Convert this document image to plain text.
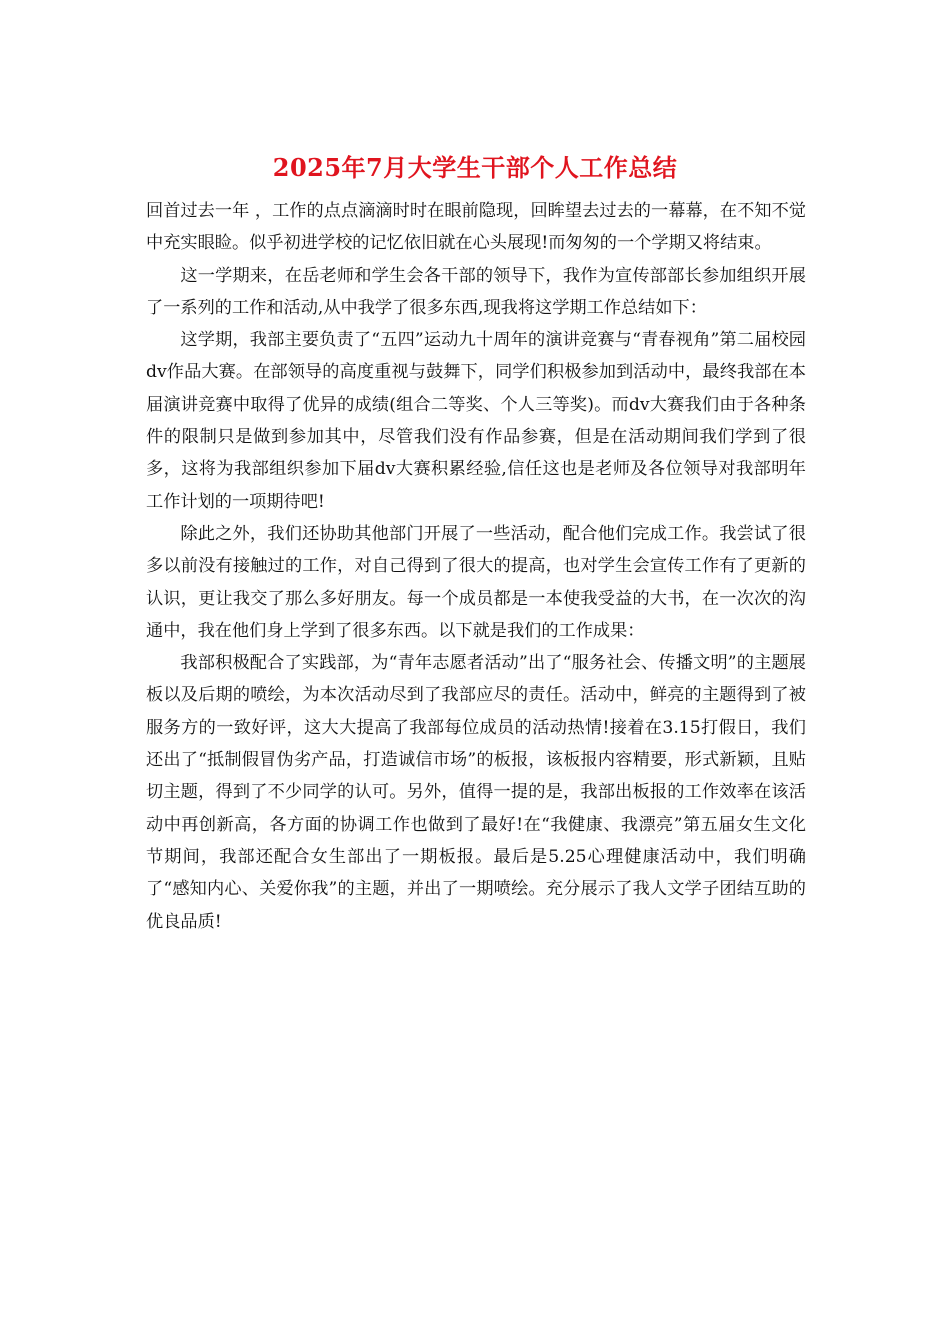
2025年7月大学生干部个人工作总结

回首过去一年 ，工作的点点滴滴时时在眼前隐现，回眸望去过去的一幕幕，在不知不觉中充实眼睑。似乎初进学校的记忆依旧就在心头展现!而匆匆的一个学期又将结束。

这一学期来，在岳老师和学生会各干部的领导下，我作为宣传部部长参加组织开展了一系列的工作和活动,从中我学了很多东西,现我将这学期工作总结如下：

这学期，我部主要负责了“五四”运动九十周年的演讲竞赛与“青春视角”第二届校园dv作品大赛。在部领导的高度重视与鼓舞下，同学们积极参加到活动中，最终我部在本届演讲竞赛中取得了优异的成绩(组合二等奖、个人三等奖)。而dv大赛我们由于各种条件的限制只是做到参加其中，尽管我们没有作品参赛，但是在活动期间我们学到了很多，这将为我部组织参加下届dv大赛积累经验,信任这也是老师及各位领导对我部明年工作计划的一项期待吧!

除此之外，我们还协助其他部门开展了一些活动，配合他们完成工作。我尝试了很多以前没有接触过的工作，对自己得到了很大的提高，也对学生会宣传工作有了更新的认识，更让我交了那么多好朋友。每一个成员都是一本使我受益的大书，在一次次的沟通中，我在他们身上学到了很多东西。以下就是我们的工作成果：

我部积极配合了实践部，为“青年志愿者活动”出了“服务社会、传播文明”的主题展板以及后期的喷绘，为本次活动尽到了我部应尽的责任。活动中，鲜亮的主题得到了被服务方的一致好评，这大大提高了我部每位成员的活动热情!接着在3.15打假日，我们还出了“抵制假冒伪劣产品，打造诚信市场”的板报，该板报内容精要，形式新颖，且贴切主题，得到了不少同学的认可。另外，值得一提的是，我部出板报的工作效率在该活动中再创新高，各方面的协调工作也做到了最好!在“我健康、我漂亮”第五届女生文化节期间，我部还配合女生部出了一期板报。最后是5.25心理健康活动中，我们明确了“感知内心、关爱你我”的主题，并出了一期喷绘。充分展示了我人文学子团结互助的优良品质!
